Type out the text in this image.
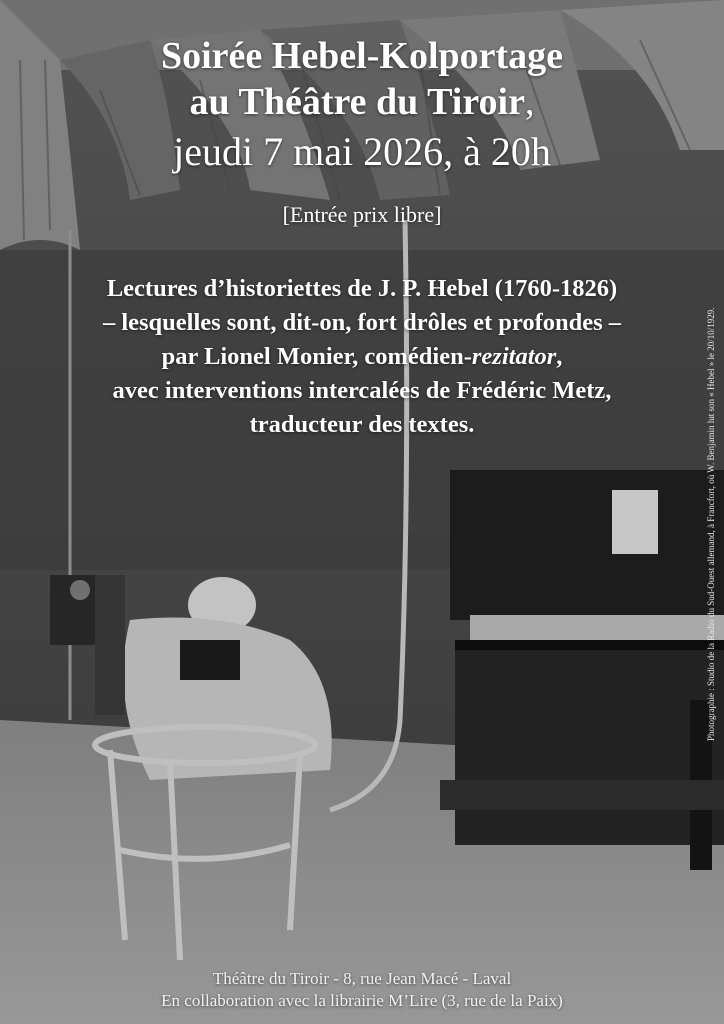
Soirée Hebel-Kolportage
au Théâtre du Tiroir,
jeudi 7 mai 2026, à 20h
[Entrée prix libre]
Lectures d’historiettes de J. P. Hebel (1760-1826)
– lesquelles sont, dit-on, fort drôles et profondes –
par Lionel Monier, comédien-rezitator,
avec interventions intercalées de Frédéric Metz,
traducteur des textes.	Photographie : Studio de la Radio du Sud-Ouest allemand, à Francfort, où W. Benjamin lut son « Hebel » le 20/10/1929.
Théâtre du Tiroir - 8, rue Jean Macé - Laval
En collaboration avec la librairie M’Lire (3, rue de la Paix)
